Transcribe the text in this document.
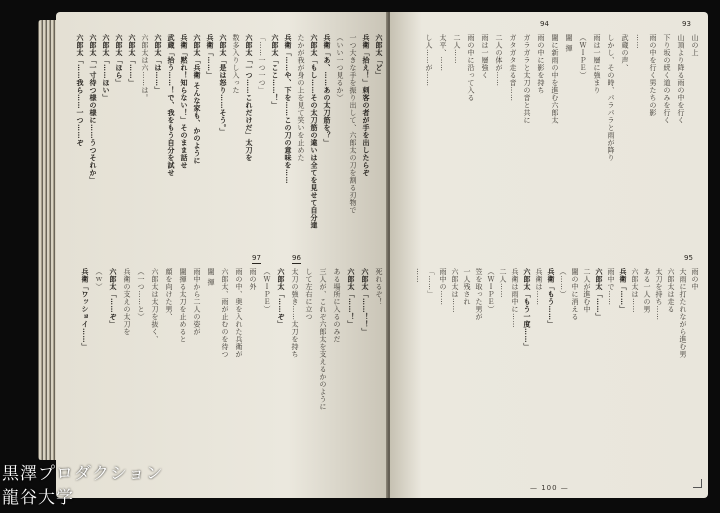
六郎太「ど」
兵衛「拾え！」刺客の者が手を出したらぞ
一つ大きな手を振り出して、六郎太の刀を割る刃物で
（いい一つ見るか）
兵衛「あ、……あの太刀筋を？」
六郎太「もし……その太刀筋の違いは全てを見せて自分達
たかが我が身の上を見て笑いを止めた
兵衛「……や、下を……この刀の意味を……
六郎太「ここ……！」
「……一つ一つ」
六郎太「一つ……これだけだ」太刀を
数多入りし入った
六郎太「是は怒り……そう。」
兵衛「……」
六郎太「兵衛 そんな家も、かのように
兵衛「黙れ！知らない！」そのまま話せ
武蔵「拾う……！で、我をもう自分を試せ
六郎太「は……」
六郎太は六……は。
六郎太「……」
六郎太「ほら」
六郎太「……ほい」
六郎太「一寸待つ様の様に……うつそれか」
六郎太「……我ら……一つ……ぞ
97	96
死れるぞ！
六郎太「……！！」
六郎太「……！」
ある場所に入るのみだ
三人が、これぞ六郎太を支えるかのように
して左右に立つ
太刀の強き……太刀を持ち
六郎太「……ぞ」
（ＷＩＰＥ）
雨の外
雨の中、奥を入れた兵衛が
六郎太、雨が止むのを待つ
闇 揮
雨中から二人の姿が
闇揮る太刀を止めると
顔を向けた男、
六郎太は太刀を抜く、
（一つ……と）
兵衛の支えの太刀を
六郎太「……ぞ」
（ｗ）
兵衛「ワッショイ……」
94	93
山の上
山頂より降る雨の中を行く
下り坂の続く道のみを行く
雨の中を行く男たちの影
……
武蔵の声、
しかし、その時、パラパラと雨が降り
雨は一層に強まり
（ＷＩＰＥ）
闇 揮
闇に新雨の中を進む六郎太
雨の中に影を持ち
ガラガラと太刀の音と共に
ガタガタ走る音……
二人の体が……
雨は一層強く
雨の中に沿って入る
二人……
太平、……
し人……が……
95
雨の中
大雨に打たれながら進む男
六郎太は走る
太刀を持ち……
ある一人の男
六郎太は……
兵衛「……」
雨中で……
六郎太「……」
二人が進む中
闇の中に消える
（……）
兵衛「もう……」
兵衛は……
六郎太「もう一度……」
兵衛は雨中に……
二人……
（ＷＩＰＥ）
笠を取った男が
一人残され
六郎太は……
雨中の……
「……」
……
— 100 —
黒澤プロダクション
龍谷大学
